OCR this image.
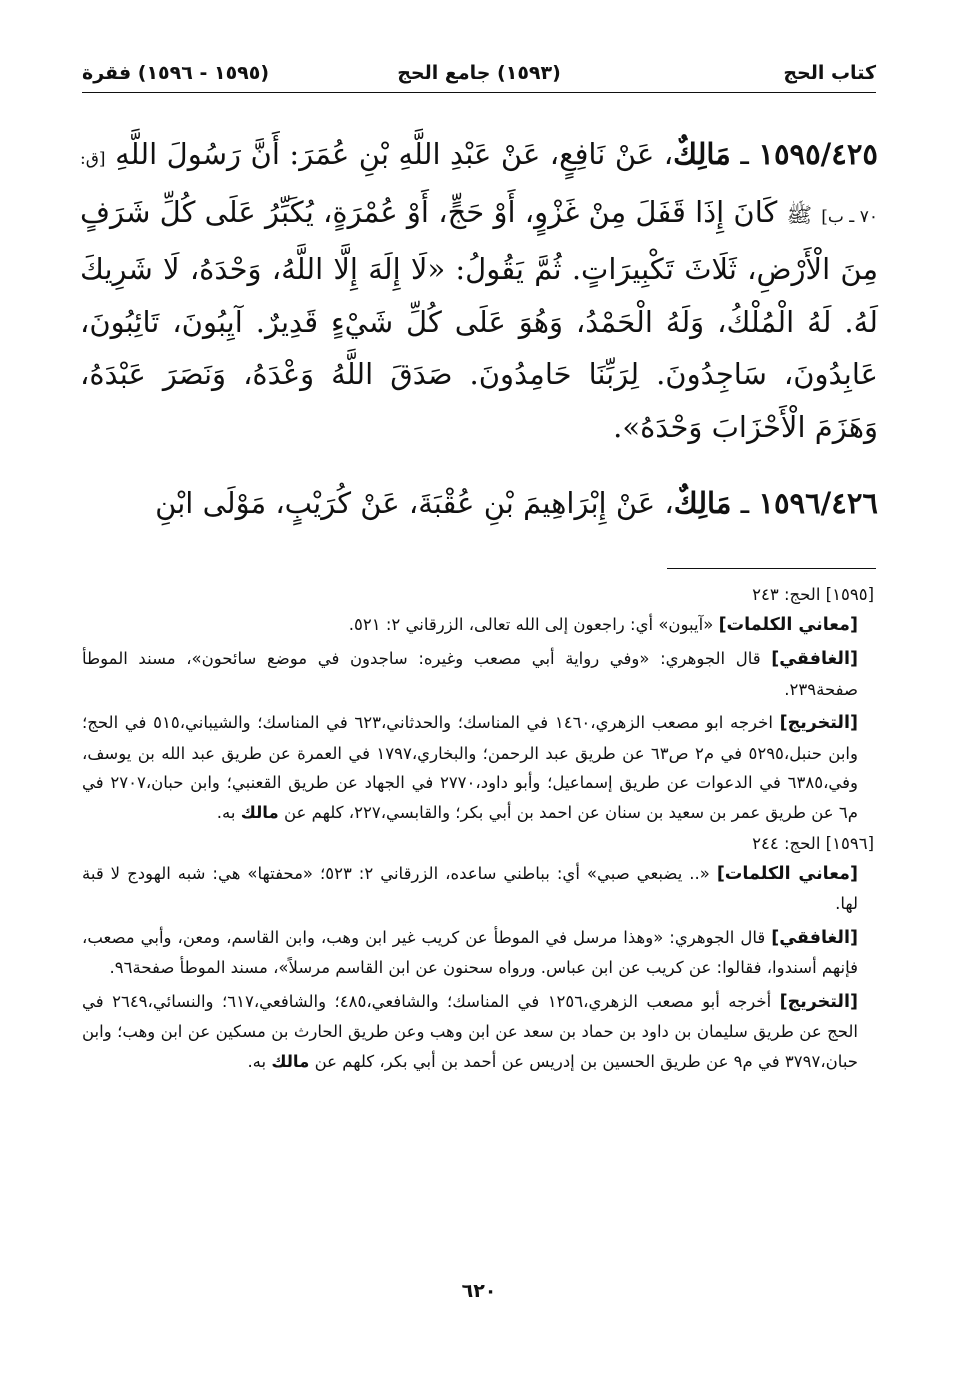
كتاب الحج
(١٥٩٣) جامع الحج
(١٥٩٥ - ١٥٩٦) فقرة

١٥٩٥/٤٢٥ ـ مَالِكٌ، عَنْ نَافِعٍ، عَنْ عَبْدِ اللَّهِ بْنِ عُمَرَ: أَنَّ رَسُولَ اللَّهِ [ق: ٧٠ ـ ب] ﷺ كَانَ إِذَا قَفَلَ مِنْ غَزْوٍ، أَوْ حَجٍّ، أَوْ عُمْرَةٍ، يُكَبِّرُ عَلَى كُلِّ شَرَفٍ مِنَ الْأَرْضِ، ثَلَاثَ تَكْبِيرَاتٍ. ثُمَّ يَقُولُ: «لَا إِلَهَ إِلَّا اللَّهُ، وَحْدَهُ، لَا شَرِيكَ لَهُ. لَهُ الْمُلْكُ، وَلَهُ الْحَمْدُ، وَهُوَ عَلَى كُلِّ شَيْءٍ قَدِيرٌ. آيِبُونَ، تَائِبُونَ، عَابِدُونَ، سَاجِدُونَ. لِرَبِّنَا حَامِدُونَ. صَدَقَ اللَّهُ وَعْدَهُ، وَنَصَرَ عَبْدَهُ، وَهَزَمَ الْأَحْزَابَ وَحْدَهُ».

١٥٩٦/٤٢٦ ـ مَالِكٌ، عَنْ إِبْرَاهِيمَ بْنِ عُقْبَةَ، عَنْ كُرَيْبٍ، مَوْلَى ابْنِ

[١٥٩٥] الحج: ٢٤٣

[معاني الكلمات] «آيبون» أي: راجعون إلى الله تعالى، الزرقاني ٢: ٥٢١.

[الغافقي] قال الجوهري: «وفي رواية أبي مصعب وغيره: ساجدون في موضع سائحون»، مسند الموطأ صفحة٢٣٩.

[التخريج] اخرجه ابو مصعب الزهري،١٤٦٠ في المناسك؛ والحدثاني،٦٢٣ في المناسك؛ والشيباني،٥١٥ في الحج؛ وابن حنبل،٥٢٩٥ في م٢ ص٦٣ عن طريق عبد الرحمن؛ والبخاري،١٧٩٧ في العمرة عن طريق عبد الله بن يوسف، وفي،٦٣٨٥ في الدعوات عن طريق إسماعيل؛ وأبو داود،٢٧٧٠ في الجهاد عن طريق القعنبي؛ وابن حبان،٢٧٠٧ في م٦ عن طريق عمر بن سعيد بن سنان عن احمد بن أبي بكر؛ والقابسي،٢٢٧، كلهم عن مالك به.

[١٥٩٦] الحج: ٢٤٤

[معاني الكلمات] «.. يضبعي صبي» أي: بباطني ساعده، الزرقاني ٢: ٥٢٣؛ «محفتها» هي: شبه الهودج لا قبة لها.

[الغافقي] قال الجوهري: «وهذا مرسل في الموطأ عن كريب غير ابن وهب، وابن القاسم، ومعن، وأبي مصعب، فإنهم أسندوا، فقالوا: عن كريب عن ابن عباس. ورواه سحنون عن ابن القاسم مرسلاً»، مسند الموطأ صفحة٩٦.

[التخريج] أخرجه أبو مصعب الزهري،١٢٥٦ في المناسك؛ والشافعي،٤٨٥؛ والشافعي،٦١٧؛ والنسائي،٢٦٤٩ في الحج عن طريق سليمان بن داود بن حماد بن سعد عن ابن وهب وعن طريق الحارث بن مسكين عن ابن وهب؛ وابن حبان،٣٧٩٧ في م٩ عن طريق الحسين بن إدريس عن أحمد بن أبي بكر، كلهم عن مالك به.

٦٢٠
